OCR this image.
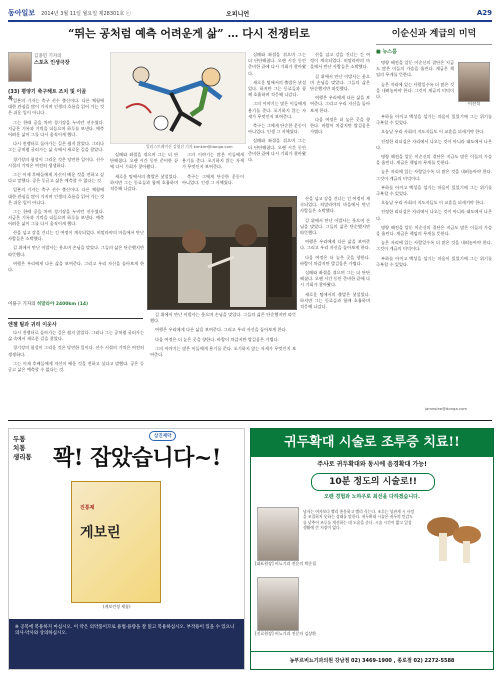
동아일보 2014년 3월 11일 월요일 제28301호 ⓒ	오피니언	A29
“뛰는 공처럼 예측 어려운게 삶” … 다시 전쟁터로	이순신과 계급의 미덕
김종민 기자의
스포츠 인생극장
(33) 평양기 축구해트 조치 및 이골복 일본의 기자는 축구 선수 출신이다. 다른 체험에 대한 관심을 많이 가지며 인생의 흐름을 읽어 가는 것은 쉬운 일이 아니다.

그는 한때 공을 차며 경기장을 누비던 선수였다. 지금은 기록과 기억을 더듬으며 하루를 보낸다. 예측 어려운 삶이 그를 다시 움직이게 했다.

다시 전쟁터로 돌아가는 길은 쉽지 않았다. 그러나 그는 공처럼 굴러가는 삶 속에서 새로운 길을 찾았다.

경기장의 함성이 그리운 것은 당연한 일이다. 선수 시절의 기억은 여전히 생생하다.

그는 이제 후배들에게 자신이 배운 것을 전하고 싶다고 말했다. 공은 둥글고 삶은 예측할 수 없다는 것.

일본의 기자는 축구 선수 출신이다. 다른 체험에 대한 관심을 많이 가지며 인생의 흐름을 읽어 가는 것은 쉬운 일이 아니다.

그는 한때 공을 차며 경기장을 누비던 선수였다. 지금은 기록과 기억을 더듬으며 하루를 보낸다. 예측 어려운 삶이 그를 다시 움직이게 했다.

일러스트레이션 김영진 기자 kimkim@donga.com

실패와 좌절을 겪으며 그는 더 단단해졌다. 오랜 시간 동안 준비한 끝에 다시 기회가 찾아왔다.

새로운 팀에서의 출발은 낯설었다. 하지만 그는 동료들과 함께 호흡하며 적응해 나갔다.

그의 이야기는 많은 이들에게 용기를 준다. 포기하지 않는 자세가 무엇인지 보여준다.

축구는 그에게 단순한 운동이 아니었다. 인생 그 자체였다.

실패와 좌절을 겪으며 그는 더 단단해졌다. 오랜 시간 동안 준비한 끝에 다시 기회가 찾아왔다.

새로운 팀에서의 출발은 낯설었다. 하지만 그는 동료들과 함께 호흡하며 적응해 나갔다.

그의 이야기는 많은 이들에게 용기를 준다. 포기하지 않는 자세가 무엇인지 보여준다.

축구는 그에게 단순한 운동이 아니었다. 인생 그 자체였다.

실패와 좌절을 겪으며 그는 더 단단해졌다. 오랜 시간 동안 준비한 끝에 다시 기회가 찾아왔다.

산을 넘고 강을 건너는 긴 여정이 계속되었다. 히말라야의 마을에서 만난 사람들은 소박했다.

길 위에서 만난 이발사는 웃으며 손님을 맞았다. 그들의 삶은 단순했지만 따뜻했다.

여행은 우리에게 다른 삶을 보여준다. 그리고 우리 자신을 돌아보게 한다.

다음 여정은 더 높은 곳을 향한다. 바람이 차갑지만 발걸음은 가볍다.

이용구 기자의 히말라야 2400km (14)

산을 넘고 강을 건너는 긴 여정이 계속되었다. 히말라야의 마을에서 만난 사람들은 소박했다.

길 위에서 만난 이발사는 웃으며 손님을 맞았다. 그들의 삶은 단순했지만 따뜻했다.

여행은 우리에게 다른 삶을 보여준다. 그리고 우리 자신을 돌아보게 한다.

산을 넘고 강을 건너는 긴 여정이 계속되었다. 히말라야의 마을에서 만난 사람들은 소박했다.

길 위에서 만난 이발사는 웃으며 손님을 맞았다. 그들의 삶은 단순했지만 따뜻했다.

여행은 우리에게 다른 삶을 보여준다. 그리고 우리 자신을 돌아보게 한다.

다음 여정은 더 높은 곳을 향한다. 바람이 차갑지만 발걸음은 가볍다.

실패와 좌절을 겪으며 그는 더 단단해졌다. 오랜 시간 동안 준비한 끝에 다시 기회가 찾아왔다.

새로운 팀에서의 출발은 낯설었다. 하지만 그는 동료들과 함께 호흡하며 적응해 나갔다.

엔젤 틸과 귀리 이웃사

다시 전쟁터로 돌아가는 길은 쉽지 않았다. 그러나 그는 공처럼 굴러가는 삶 속에서 새로운 길을 찾았다.

경기장의 함성이 그리운 것은 당연한 일이다. 선수 시절의 기억은 여전히 생생하다.

그는 이제 후배들에게 자신이 배운 것을 전하고 싶다고 말했다. 공은 둥글고 삶은 예측할 수 없다는 것.

길 위에서 만난 이발사는 웃으며 손님을 맞았다. 그들의 삶은 단순했지만 따뜻했다.

여행은 우리에게 다른 삶을 보여준다. 그리고 우리 자신을 돌아보게 한다.

다음 여정은 더 높은 곳을 향한다. 바람이 차갑지만 발걸음은 가볍다.

그의 이야기는 많은 이들에게 용기를 준다. 포기하지 않는 자세가 무엇인지 보여준다.

■ 뉴스룸
이진석

명량 해전을 앞둔 이순신의 결단은 지금도 많은 이들의 가슴을 울린다. 계급은 책임의 무게를 뜻한다.

높은 자리에 있는 사람일수록 더 많은 것을 내려놓아야 한다. 그것이 계급의 미덕이다.

부하를 아끼고 백성을 섬기는 마음이 있었기에 그는 위기를 극복할 수 있었다.

오늘날 우리 사회의 지도자들도 이 교훈을 되새겨야 한다.

진정한 리더십은 자리에서 나오는 것이 아니라 태도에서 나온다.

명량 해전을 앞둔 이순신의 결단은 지금도 많은 이들의 가슴을 울린다. 계급은 책임의 무게를 뜻한다.

높은 자리에 있는 사람일수록 더 많은 것을 내려놓아야 한다. 그것이 계급의 미덕이다.

부하를 아끼고 백성을 섬기는 마음이 있었기에 그는 위기를 극복할 수 있었다.

오늘날 우리 사회의 지도자들도 이 교훈을 되새겨야 한다.

진정한 리더십은 자리에서 나오는 것이 아니라 태도에서 나온다.

명량 해전을 앞둔 이순신의 결단은 지금도 많은 이들의 가슴을 울린다. 계급은 책임의 무게를 뜻한다.

높은 자리에 있는 사람일수록 더 많은 것을 내려놓아야 한다. 그것이 계급의 미덕이다.

부하를 아끼고 백성을 섬기는 마음이 있었기에 그는 위기를 극복할 수 있었다.

jameslee@donga.com
두통
치통
생리통
삼진제약
꽉! 잡았습니다~!
진통제
게보린
(게보린정 제품)
※ 공복에 복용하지 마십시오. 이 약은 의약품이므로 용법·용량을 잘 읽고 복용하십시오. 부작용이 있을 수 있으니 의사·약사와 상의하십시오.
귀두확대 시술로 조루증 치료!!
주사로 귀두확대와 동시에 음경확대 가능!
10분 정도의 시술로!!
오랜 경험과 노하우로 최선을 다하겠습니다.
[대표원장] 비뇨기과 전문의 박준철
[진료원장] 비뇨기과 전문의 김상환
남자는 여자보다 빨리 흥분하고 빨리 식는다. 조루는 성관계 시 사정을 조절하지 못하는 상태를 말한다. 귀두확대 시술은 귀두의 민감도를 낮추어 조루를 개선하는 데 도움을 준다. 시술 시간이 짧고 일상생활에 큰 지장이 없다.
농부르비뇨기과의원 강남점 02) 3469-1900 , 종로점 02) 2272-5588
